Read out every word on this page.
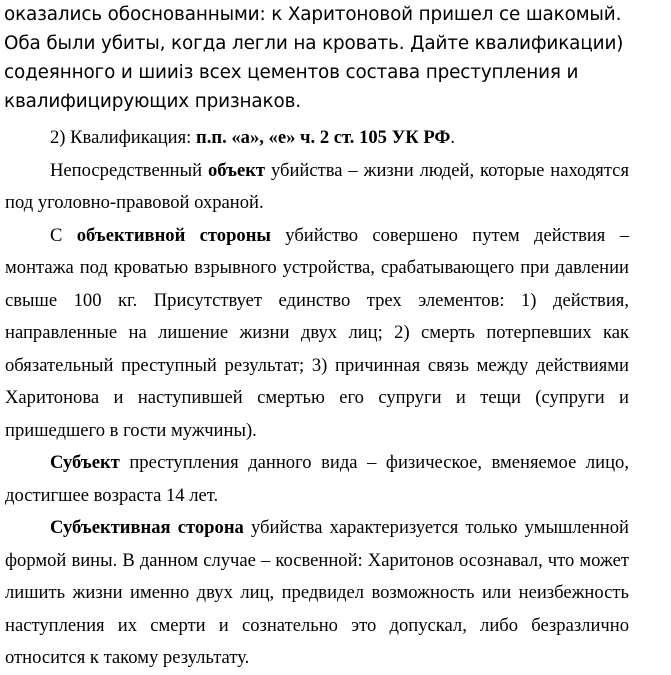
оказались обоснованными: к Харитоновой пришел се шакомый.
Оба были убиты, когда легли на кровать. Дайте квалификации)
содеянного и шииiз всех цементов состава преступления и
квалифицирующих признаков.
2) Квалификация: п.п. «а», «е» ч. 2 ст. 105 УК РФ.
Непосредственный объект убийства – жизни людей, которые находятся
под уголовно-правовой охраной.
С объективной стороны убийство совершено путем действия –
монтажа под кроватью взрывного устройства, срабатывающего при давлении
свыше 100 кг. Присутствует единство трех элементов: 1) действия,
направленные на лишение жизни двух лиц; 2) смерть потерпевших как
обязательный преступный результат; 3) причинная связь между действиями
Харитонова и наступившей смертью его супруги и тещи (супруги и
пришедшего в гости мужчины).
Субъект преступления данного вида – физическое, вменяемое лицо,
достигшее возраста 14 лет.
Субъективная сторона убийства характеризуется только умышленной
формой вины. В данном случае – косвенной: Харитонов осознавал, что может
лишить жизни именно двух лиц, предвидел возможность или неизбежность
наступления их смерти и сознательно это допускал, либо безразлично
относится к такому результату.
